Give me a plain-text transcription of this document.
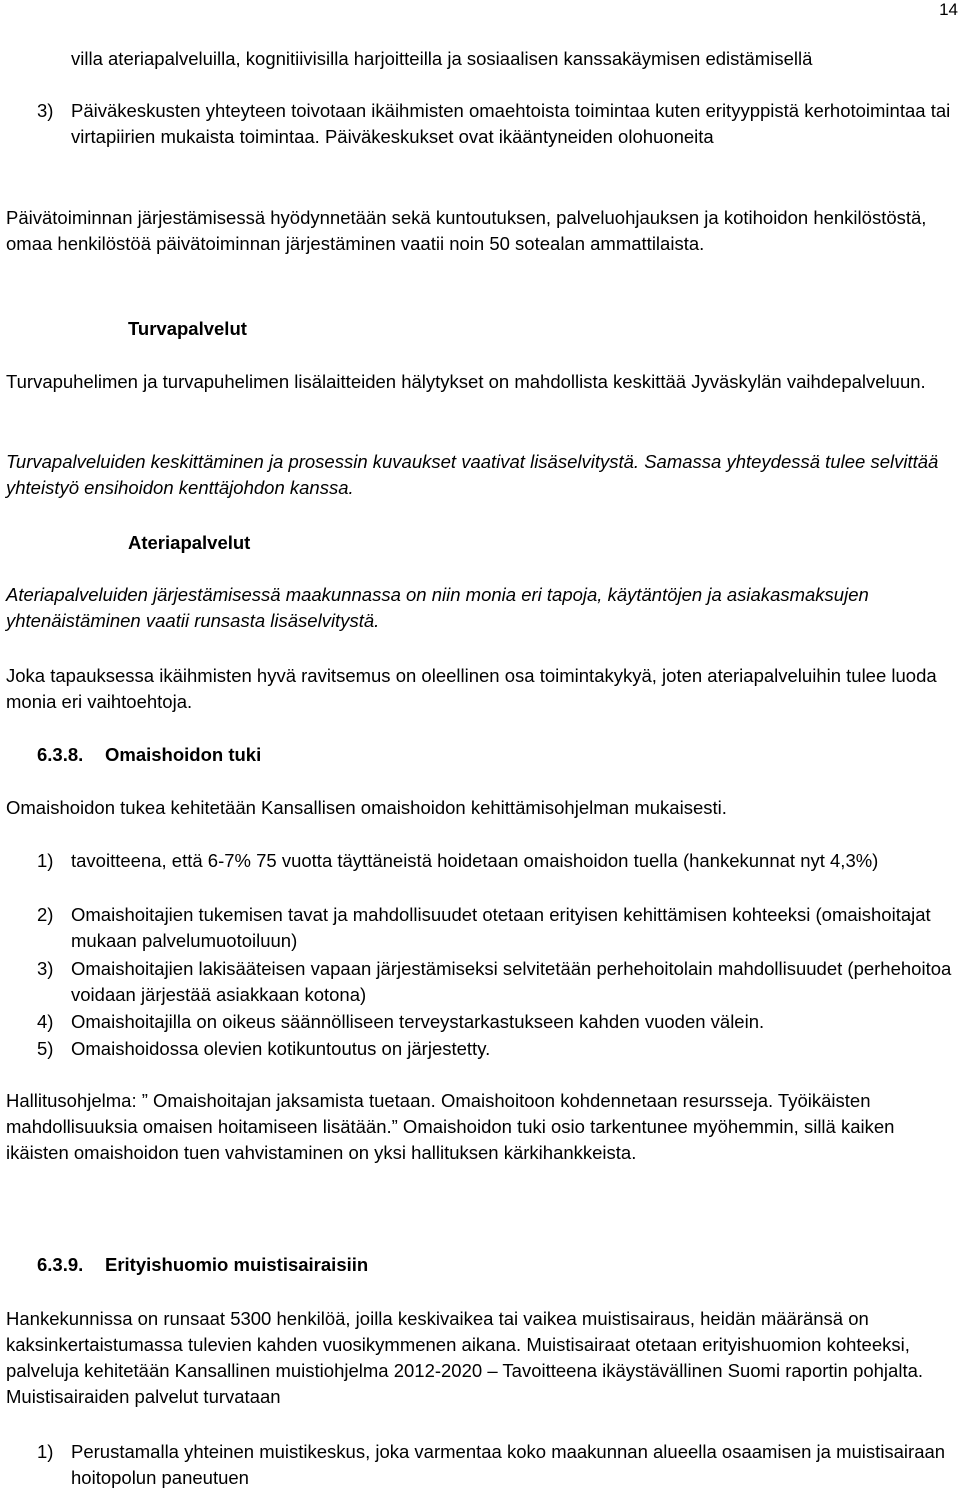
14
villa ateriapalveluilla, kognitiivisilla harjoitteilla ja sosiaalisen kanssakäymisen edistämisellä
3) Päiväkeskusten yhteyteen toivotaan ikäihmisten omaehtoista toimintaa kuten erityyppistä kerhotoimintaa tai virtapiirien mukaista toimintaa. Päiväkeskukset ovat ikääntyneiden olohuoneita

Päivätoiminnan järjestämisessä hyödynnetään sekä kuntoutuksen, palveluohjauksen ja kotihoidon henkilöstöstä, omaa henkilöstöä päivätoiminnan järjestäminen vaatii noin 50 sotealan ammattilaista.

Turvapalvelut

Turvapuhelimen ja turvapuhelimen lisälaitteiden hälytykset on mahdollista keskittää Jyväskylän vaihdepalveluun.

Turvapalveluiden keskittäminen ja prosessin kuvaukset vaativat lisäselvitystä. Samassa yhteydessä tulee selvittää yhteistyö ensihoidon kenttäjohdon kanssa.

Ateriapalvelut

Ateriapalveluiden järjestämisessä maakunnassa on niin monia eri tapoja, käytäntöjen ja asiakasmaksujen yhtenäistäminen vaatii runsasta lisäselvitystä.

Joka tapauksessa ikäihmisten hyvä ravitsemus on oleellinen osa toimintakykyä, joten ateriapalveluihin tulee luoda monia eri vaihtoehtoja.

6.3.8. Omaishoidon tuki

Omaishoidon tukea kehitetään Kansallisen omaishoidon kehittämisohjelman mukaisesti.

1) tavoitteena, että 6-7% 75 vuotta täyttäneistä hoidetaan omaishoidon tuella (hankekunnat nyt 4,3%)
2) Omaishoitajien tukemisen tavat ja mahdollisuudet otetaan erityisen kehittämisen kohteeksi (omaishoitajat mukaan palvelumuotoiluun)
3) Omaishoitajien lakisääteisen vapaan järjestämiseksi selvitetään perhehoitolain mahdollisuudet (perhehoitoa voidaan järjestää asiakkaan kotona)
4) Omaishoitajilla on oikeus säännölliseen terveystarkastukseen kahden vuoden välein.
5) Omaishoidossa olevien kotikuntoutus on järjestetty.

Hallitusohjelma: ” Omaishoitajan jaksamista tuetaan. Omaishoitoon kohdennetaan resursseja. Työikäisten mahdollisuuksia omaisen hoitamiseen lisätään.” Omaishoidon tuki osio tarkentunee myöhemmin, sillä kaiken ikäisten omaishoidon tuen vahvistaminen on yksi hallituksen kärkihankkeista.

6.3.9. Erityishuomio muistisairaisiin

Hankekunnissa on runsaat 5300 henkilöä, joilla keskivaikea tai vaikea muistisairaus, heidän määränsä on kaksinkertaistumassa tulevien kahden vuosikymmenen aikana. Muistisairaat otetaan erityishuomion kohteeksi, palveluja kehitetään Kansallinen muistiohjelma 2012-2020 – Tavoitteena ikäystävällinen Suomi raportin pohjalta. Muistisairaiden palvelut turvataan

1) Perustamalla yhteinen muistikeskus, joka varmentaa koko maakunnan alueella osaamisen ja muistisairaan hoitopolun paneutuen
